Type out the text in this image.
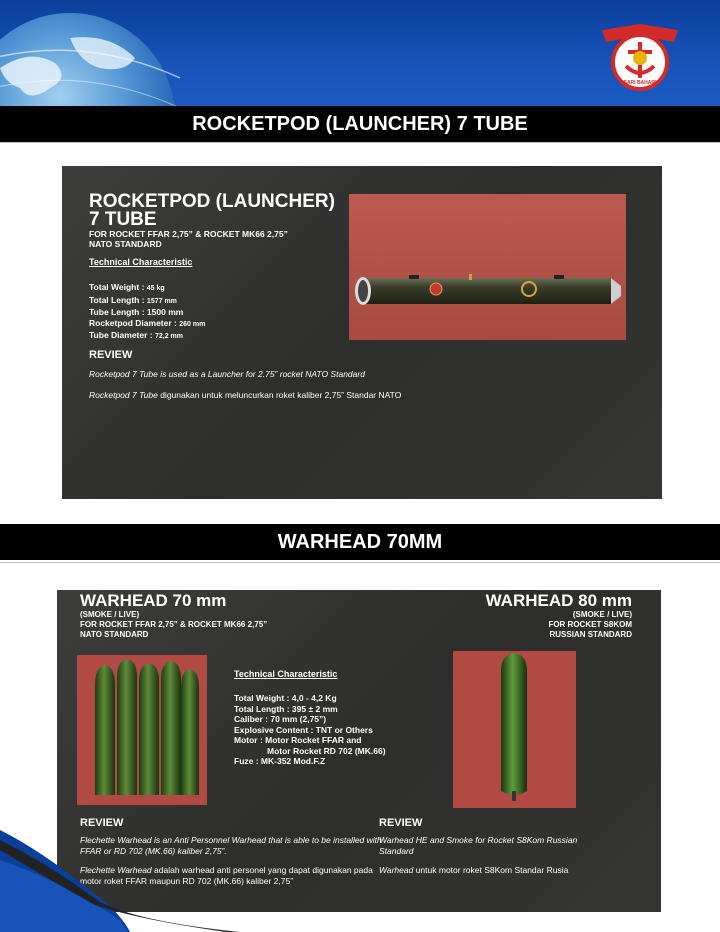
SARI BAHARI
ROCKETPOD (LAUNCHER) 7 TUBE
ROCKETPOD (LAUNCHER)
7 TUBE
FOR ROCKET FFAR 2,75” & ROCKET MK66 2,75”
NATO STANDARD
Technical Characteristic
Total Weight : 45 kg
Total Length : 1577 mm
Tube Length : 1500 mm
Rocketpod Diameter : 260 mm
Tube Diameter : 72,2 mm
REVIEW
Rocketpod 7 Tube is used as a Launcher for 2.75” rocket NATO Standard
Rocketpod 7 Tube digunakan untuk meluncurkan roket kaliber 2,75” Standar NATO
WARHEAD 70MM
WARHEAD 70 mm
(SMOKE / LIVE)
FOR ROCKET FFAR 2,75” & ROCKET MK66 2,75”
NATO STANDARD
WARHEAD 80 mm
(SMOKE / LIVE)
FOR ROCKET S8KOM
RUSSIAN STANDARD
Technical Characteristic
Total Weight : 4,0 - 4,2 Kg
Total Length : 395 ± 2 mm
Caliber : 70 mm (2,75”)
Explosive Content : TNT or Others
Motor : Motor Rocket FFAR and
Motor Rocket RD 702 (MK.66)
Fuze : MK-352 Mod.F.Z
REVIEW
Flechette Warhead is an Anti Personnel Warhead that is able to be installed with FFAR or RD 702 (MK.66) kaliber 2,75”.
Flechette Warhead adalah warhead anti personel yang dapat digunakan pada motor roket FFAR maupun RD 702 (MK.66) kaliber 2,75”
REVIEW
Warhead HE and Smoke for Rocket S8Kom Russian Standard
Warhead untuk motor roket S8Kom Standar Rusia
